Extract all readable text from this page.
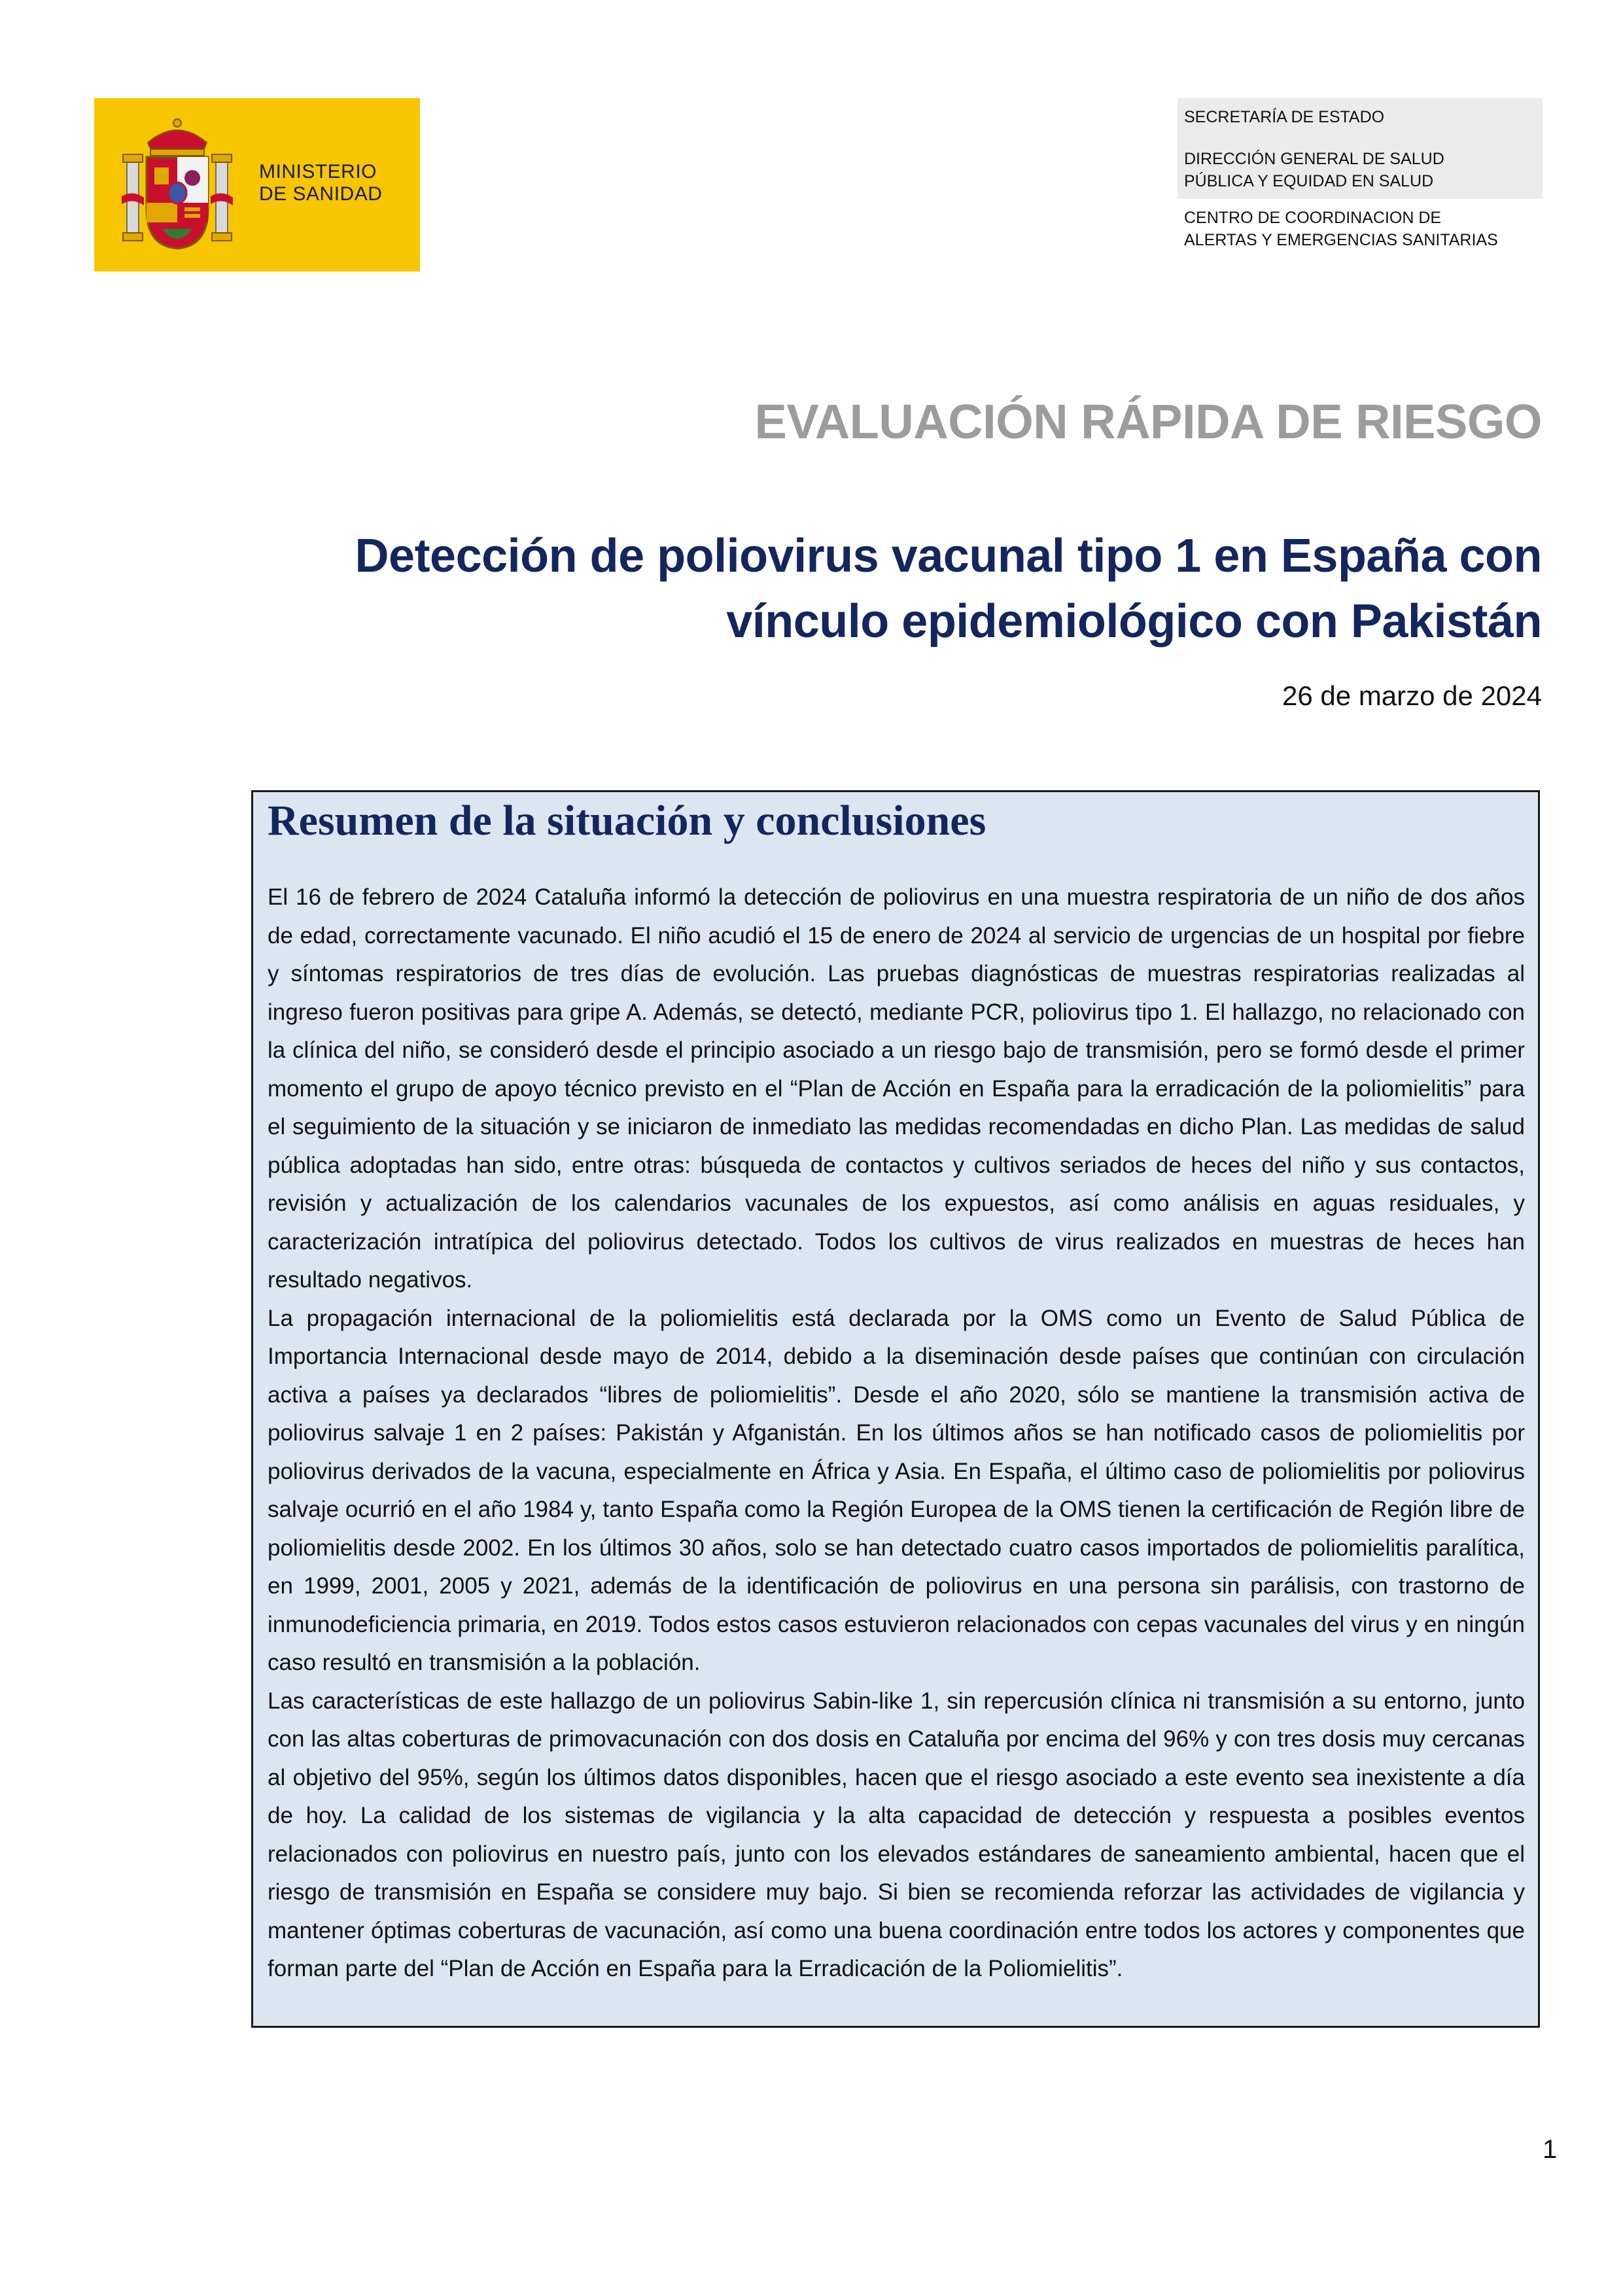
MINISTERIO
DE SANIDAD
SECRETARÍA DE ESTADO
DIRECCIÓN GENERAL DE SALUD
PÚBLICA Y EQUIDAD EN SALUD
CENTRO DE COORDINACION DE
ALERTAS Y EMERGENCIAS SANITARIAS
EVALUACIÓN RÁPIDA DE RIESGO
Detección de poliovirus vacunal tipo 1 en España con
vínculo epidemiológico con Pakistán
26 de marzo de 2024
Resumen de la situación y conclusiones

El 16 de febrero de 2024 Cataluña informó la detección de poliovirus en una muestra respiratoria de un niño de dos años de edad, correctamente vacunado. El niño acudió el 15 de enero de 2024 al servicio de urgencias de un hospital por fiebre y síntomas respiratorios de tres días de evolución. Las pruebas diagnósticas de muestras respiratorias realizadas al ingreso fueron positivas para gripe A. Además, se detectó, mediante PCR, poliovirus tipo 1. El hallazgo, no relacionado con la clínica del niño, se consideró desde el principio asociado a un riesgo bajo de transmisión, pero se formó desde el primer momento el grupo de apoyo técnico previsto en el “Plan de Acción en España para la erradicación de la poliomielitis” para el seguimiento de la situación y se iniciaron de inmediato las medidas recomendadas en dicho Plan. Las medidas de salud pública adoptadas han sido, entre otras: búsqueda de contactos y cultivos seriados de heces del niño y sus contactos, revisión y actualización de los calendarios vacunales de los expuestos, así como análisis en aguas residuales, y caracterización intratípica del poliovirus detectado. Todos los cultivos de virus realizados en muestras de heces han resultado negativos.

La propagación internacional de la poliomielitis está declarada por la OMS como un Evento de Salud Pública de Importancia Internacional desde mayo de 2014, debido a la diseminación desde países que continúan con circulación activa a países ya declarados “libres de poliomielitis”. Desde el año 2020, sólo se mantiene la transmisión activa de poliovirus salvaje 1 en 2 países: Pakistán y Afganistán. En los últimos años se han notificado casos de poliomielitis por poliovirus derivados de la vacuna, especialmente en África y Asia. En España, el último caso de poliomielitis por poliovirus salvaje ocurrió en el año 1984 y, tanto España como la Región Europea de la OMS tienen la certificación de Región libre de poliomielitis desde 2002. En los últimos 30 años, solo se han detectado cuatro casos importados de poliomielitis paralítica, en 1999, 2001, 2005 y 2021, además de la identificación de poliovirus en una persona sin parálisis, con trastorno de inmunodeficiencia primaria, en 2019. Todos estos casos estuvieron relacionados con cepas vacunales del virus y en ningún caso resultó en transmisión a la población.

Las características de este hallazgo de un poliovirus Sabin-like 1, sin repercusión clínica ni transmisión a su entorno, junto con las altas coberturas de primovacunación con dos dosis en Cataluña por encima del 96% y con tres dosis muy cercanas al objetivo del 95%, según los últimos datos disponibles, hacen que el riesgo asociado a este evento sea inexistente a día de hoy. La calidad de los sistemas de vigilancia y la alta capacidad de detección y respuesta a posibles eventos relacionados con poliovirus en nuestro país, junto con los elevados estándares de saneamiento ambiental, hacen que el riesgo de transmisión en España se considere muy bajo. Si bien se recomienda reforzar las actividades de vigilancia y mantener óptimas coberturas de vacunación, así como una buena coordinación entre todos los actores y componentes que forman parte del “Plan de Acción en España para la Erradicación de la Poliomielitis”.

1
